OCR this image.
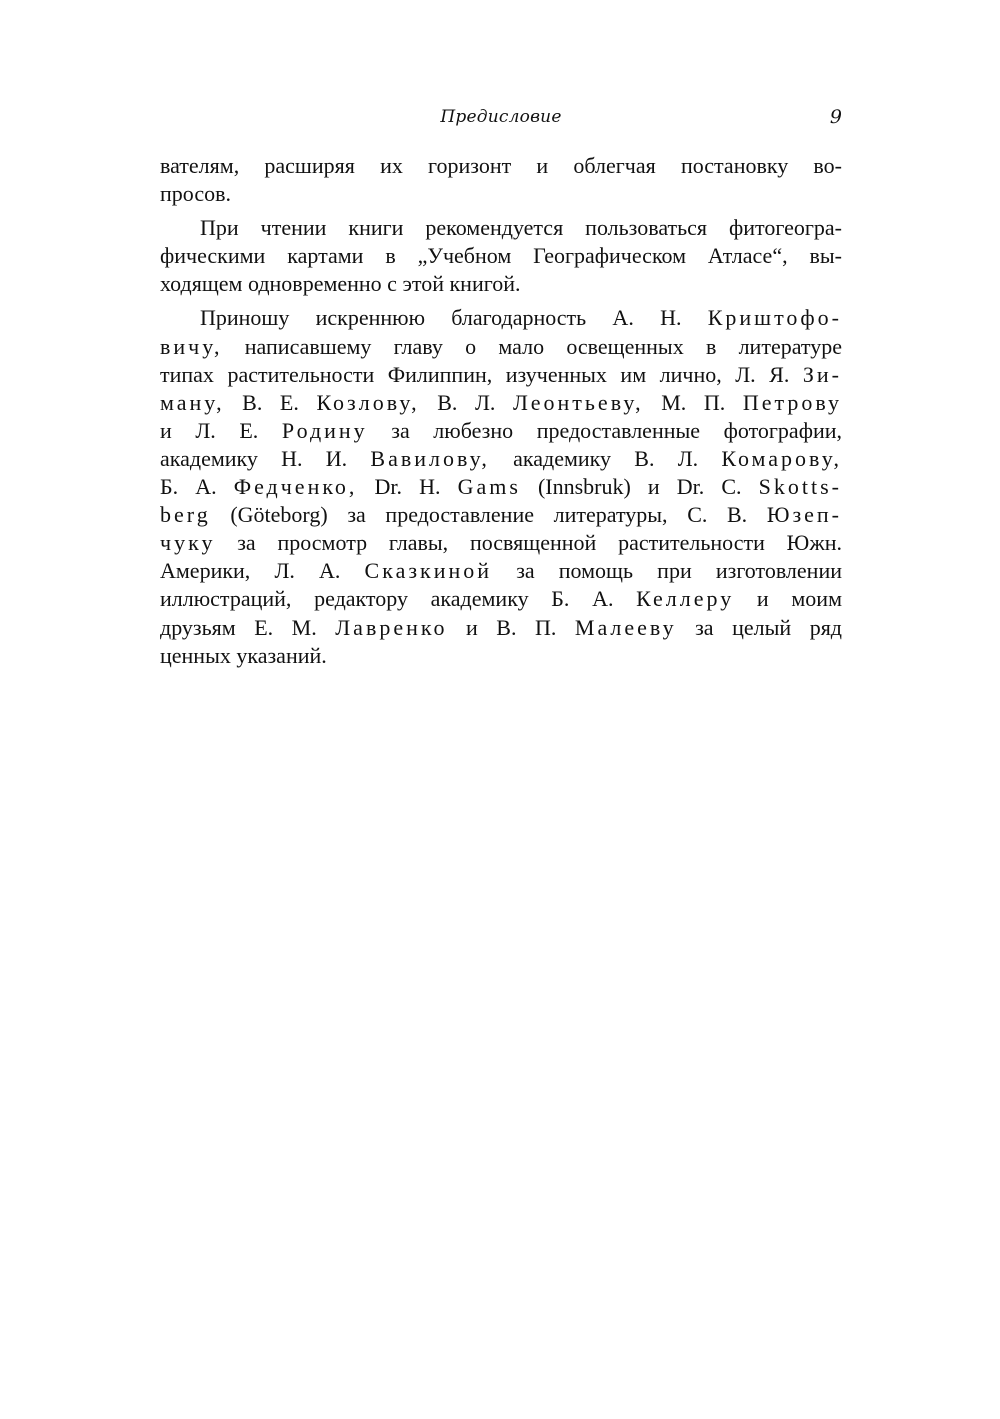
Предисловие	9
вателям, расширяя их горизонт и облегчая постановку во-
просов.
При чтении книги рекомендуется пользоваться фитогеогра-
фическими картами в „Учебном Географическом Атласе“, вы-
ходящем одновременно с этой книгой.
Приношу искреннюю благодарность А. Н. Криштофо-
вичу, написавшему главу о мало освещенных в литературе
типах растительности Филиппин, изученных им лично, Л. Я. Зи-
ману, В. Е. Козлову, В. Л. Леонтьеву, М. П. Петрову
и Л. Е. Родину за любезно предоставленные фотографии,
академику Н. И. Вавилову, академику В. Л. Комарову,
Б. А. Федченко, Dr. H. Gams (Innsbruk) и Dr. C. Skotts-
berg (Göteborg) за предоставление литературы, С. В. Юзеп-
чуку за просмотр главы, посвященной растительности Южн.
Америки, Л. А. Сказкиной за помощь при изготовлении
иллюстраций, редактору академику Б. А. Келлеру и моим
друзьям Е. М. Лавренко и В. П. Малееву за целый ряд
ценных указаний.
